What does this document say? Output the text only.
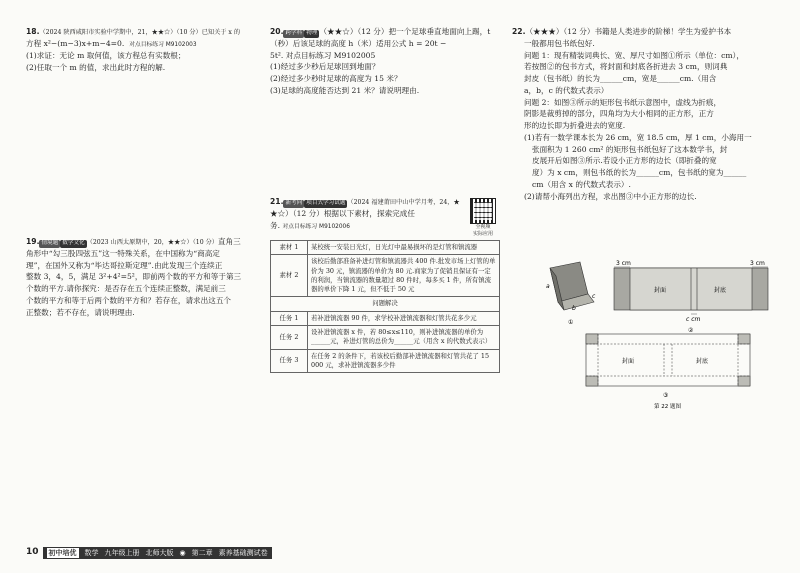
18.（2024 陕西咸阳市实验中学期中，21，★★☆）（10 分）已知关于 x 的

方程 x²−(m−3)x+m−4=0. 对点目标练习 M9102003

(1)求证：无论 m 取何值，该方程总有实数根；

(2)任取一个 m 的值，求出此时方程的解.

19. 情境题 数学文化 （2023 山西太原期中，20，★★☆）（10 分）直角三

角形中“勾三股四弦五”这一特殊关系，在中国称为“商高定

理”，在国外又称为“毕达哥拉斯定理”.由此发现三个连续正

整数 3，4，5，满足 3²+4²=5²，即前两个数的平方和等于第三

个数的平方.请你探究：是否存在五个连续正整数，满足前三

个数的平方和等于后两个数的平方和？若存在，请求出这五个

正整数；若不存在，请说明理由.

20. 跨学科 物理 （★★☆）（12 分）把一个足球垂直地面向上踢，t

（秒）后该足球的高度 h（米）适用公式 h = 20t −

5t². 对点目标练习 M9102005

(1)经过多少秒后足球回到地面？

(2)经过多少秒时足球的高度为 15 米？

(3)足球的高度能否达到 21 米？请说明理由.

21. 新考向 项目式学习试题 （2024 福建莆田中山中学月考，24，★

★☆）（12 分）根据以下素材，探索完成任

务. 对点目标练习 M9102006	全视频
实际应用
素材 1	某校统一安装日光灯，日光灯中最易损坏的是灯管和镇流器
素材 2	该校后勤部准备补进灯管和镇流器共 400 件.批发市场上灯管的单价为 30 元，镇流器的单价为 80 元.商家为了促销且保证有一定的利润，当镇流器的数量超过 80 件时，每多买 1 件，所有镇流器的单价下降 1 元，但不低于 50 元
问题解决	
任务 1	若补进镇流器 90 件，求学校补进镇流器和灯管共花多少元
任务 2	设补进镇流器 x 件，若 80≤x≤110，则补进镇流器的单价为______元，补进灯管的总价为______元（用含 x 的代数式表示）
任务 3	在任务 2 的条件下，若该校后勤部补进镇流器和灯管共花了 15 000 元，求补进镇流器多少件

22.（★★★）（12 分）书籍是人类进步的阶梯！学生为爱护书本

一般都用包书纸包好.

问题 1：现有精装词典长、宽、厚尺寸如图①所示（单位：cm），

若按图②的包书方式，将封面和封底各折进去 3 cm，则词典

封皮（包书纸）的长为______cm，宽是______cm.（用含

a，b，c 的代数式表示）

问题 2：如图③所示的矩形包书纸示意图中，虚线为折痕，

阴影是裁剪掉的部分，四角均为大小相同的正方形，正方

形的边长即为折叠进去的宽度.

(1)若有一数学课本长为 26 cm，宽 18.5 cm，厚 1 cm，小海用一

张面积为 1 260 cm² 的矩形包书纸包好了这本数学书，封

皮展开后如图③所示.若设小正方形的边长（即折叠的宽

度）为 x cm，则包书纸的长为______cm，包书纸的宽为______

cm（用含 x 的代数式表示）.

(2)请帮小海列出方程，求出图③中小正方形的边长.

a
b
c
①
封面	封底
3 cm	3 cm
c cm
②
封面	封底
③
第 22 题图
10 初中培优 数学 九年级上册 北师大版 ◉ 第二章 素养基础测试卷
